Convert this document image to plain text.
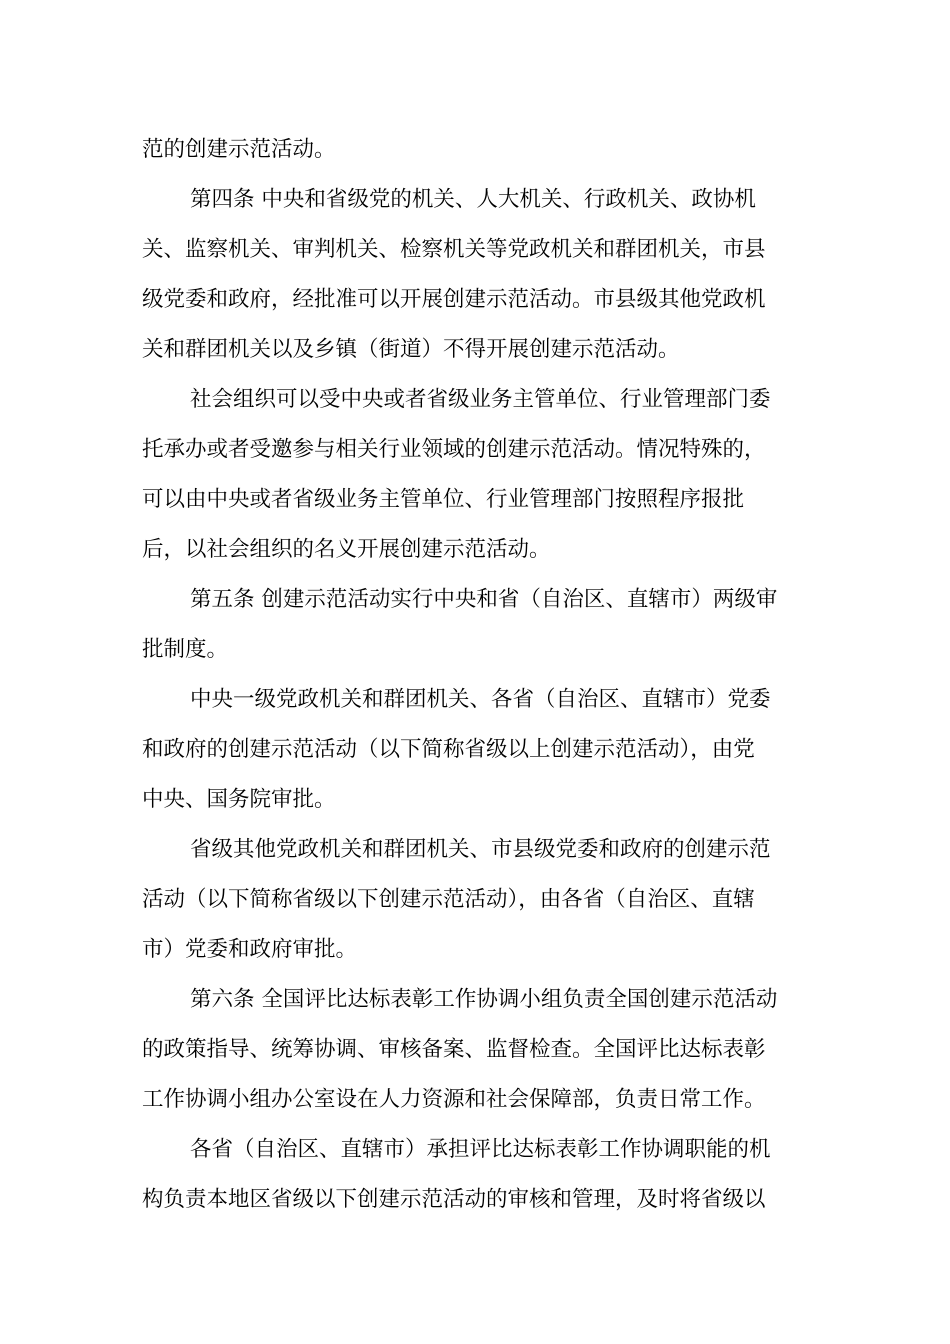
范的创建示范活动。
第四条 中央和省级党的机关、人大机关、行政机关、政协机
关、监察机关、审判机关、检察机关等党政机关和群团机关，市县
级党委和政府，经批准可以开展创建示范活动。市县级其他党政机
关和群团机关以及乡镇（街道）不得开展创建示范活动。
社会组织可以受中央或者省级业务主管单位、行业管理部门委
托承办或者受邀参与相关行业领域的创建示范活动。情况特殊的，
可以由中央或者省级业务主管单位、行业管理部门按照程序报批
后，以社会组织的名义开展创建示范活动。
第五条 创建示范活动实行中央和省（自治区、直辖市）两级审
批制度。
中央一级党政机关和群团机关、各省（自治区、直辖市）党委
和政府的创建示范活动（以下简称省级以上创建示范活动），由党
中央、国务院审批。
省级其他党政机关和群团机关、市县级党委和政府的创建示范
活动（以下简称省级以下创建示范活动），由各省（自治区、直辖
市）党委和政府审批。
第六条 全国评比达标表彰工作协调小组负责全国创建示范活动
的政策指导、统筹协调、审核备案、监督检查。全国评比达标表彰
工作协调小组办公室设在人力资源和社会保障部，负责日常工作。
各省（自治区、直辖市）承担评比达标表彰工作协调职能的机
构负责本地区省级以下创建示范活动的审核和管理，及时将省级以
